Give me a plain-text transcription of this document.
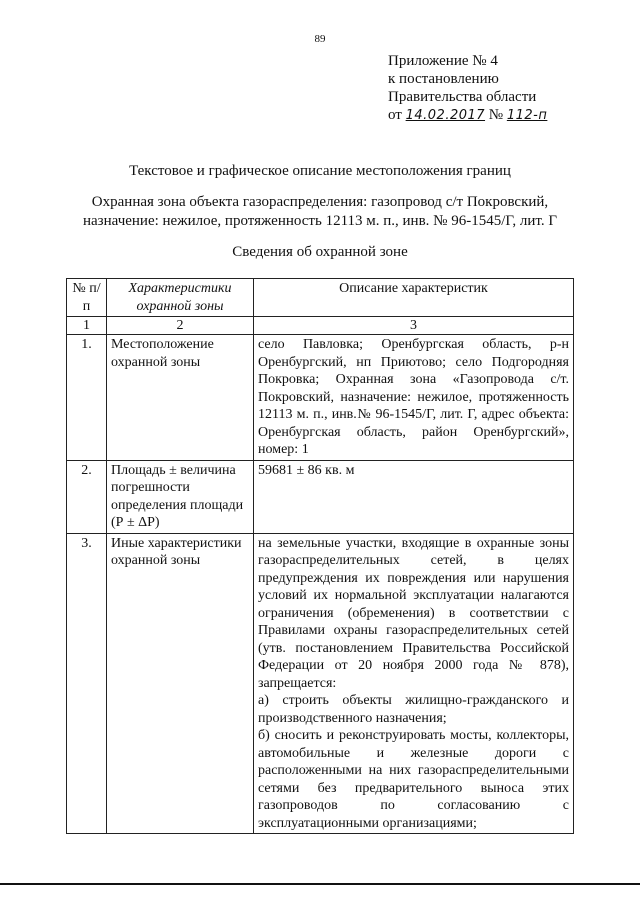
89
Приложение № 4
к постановлению
Правительства области
от 14.02.2017 № 112-п
Текстовое и графическое описание местоположения границ
Охранная зона объекта газораспределения: газопровод с/т Покровский,
назначение: нежилое, протяженность 12113 м. п., инв. № 96-1545/Г, лит. Г
Сведения об охранной зоне
№ п/п	Характеристики охранной зоны	Описание характеристик
1	2	3
1.	Местоположение охранной зоны	село Павловка; Оренбургская область, р-н Оренбургский, нп Приютово; село Подгородняя Покровка; Охранная зона «Газопровода с/т. Покровский, назначение: нежилое, протяженность 12113 м. п., инв.№ 96-1545/Г, лит. Г, адрес объекта: Оренбургская область, район Оренбургский», номер: 1
2.	Площадь ± величина погрешности определения площади (Р ± ΔР)	59681 ± 86 кв. м
3.	Иные характеристики охранной зоны	на земельные участки, входящие в охранные зоны газораспределительных сетей, в целях предупреждения их повреждения или нарушения условий их нормальной эксплуатации налагаются ограничения (обременения) в соответствии с Правилами охраны газораспределительных сетей (утв. постановлением Правительства Российской Федерации от 20 ноября 2000 года № 878), запрещается:
а) строить объекты жилищно-гражданского и производственного назначения;
б) сносить и реконструировать мосты, коллекторы, автомобильные и железные дороги с расположенными на них газораспределительными сетями без предварительного выноса этих газопроводов по согласованию с эксплуатационными организациями;
